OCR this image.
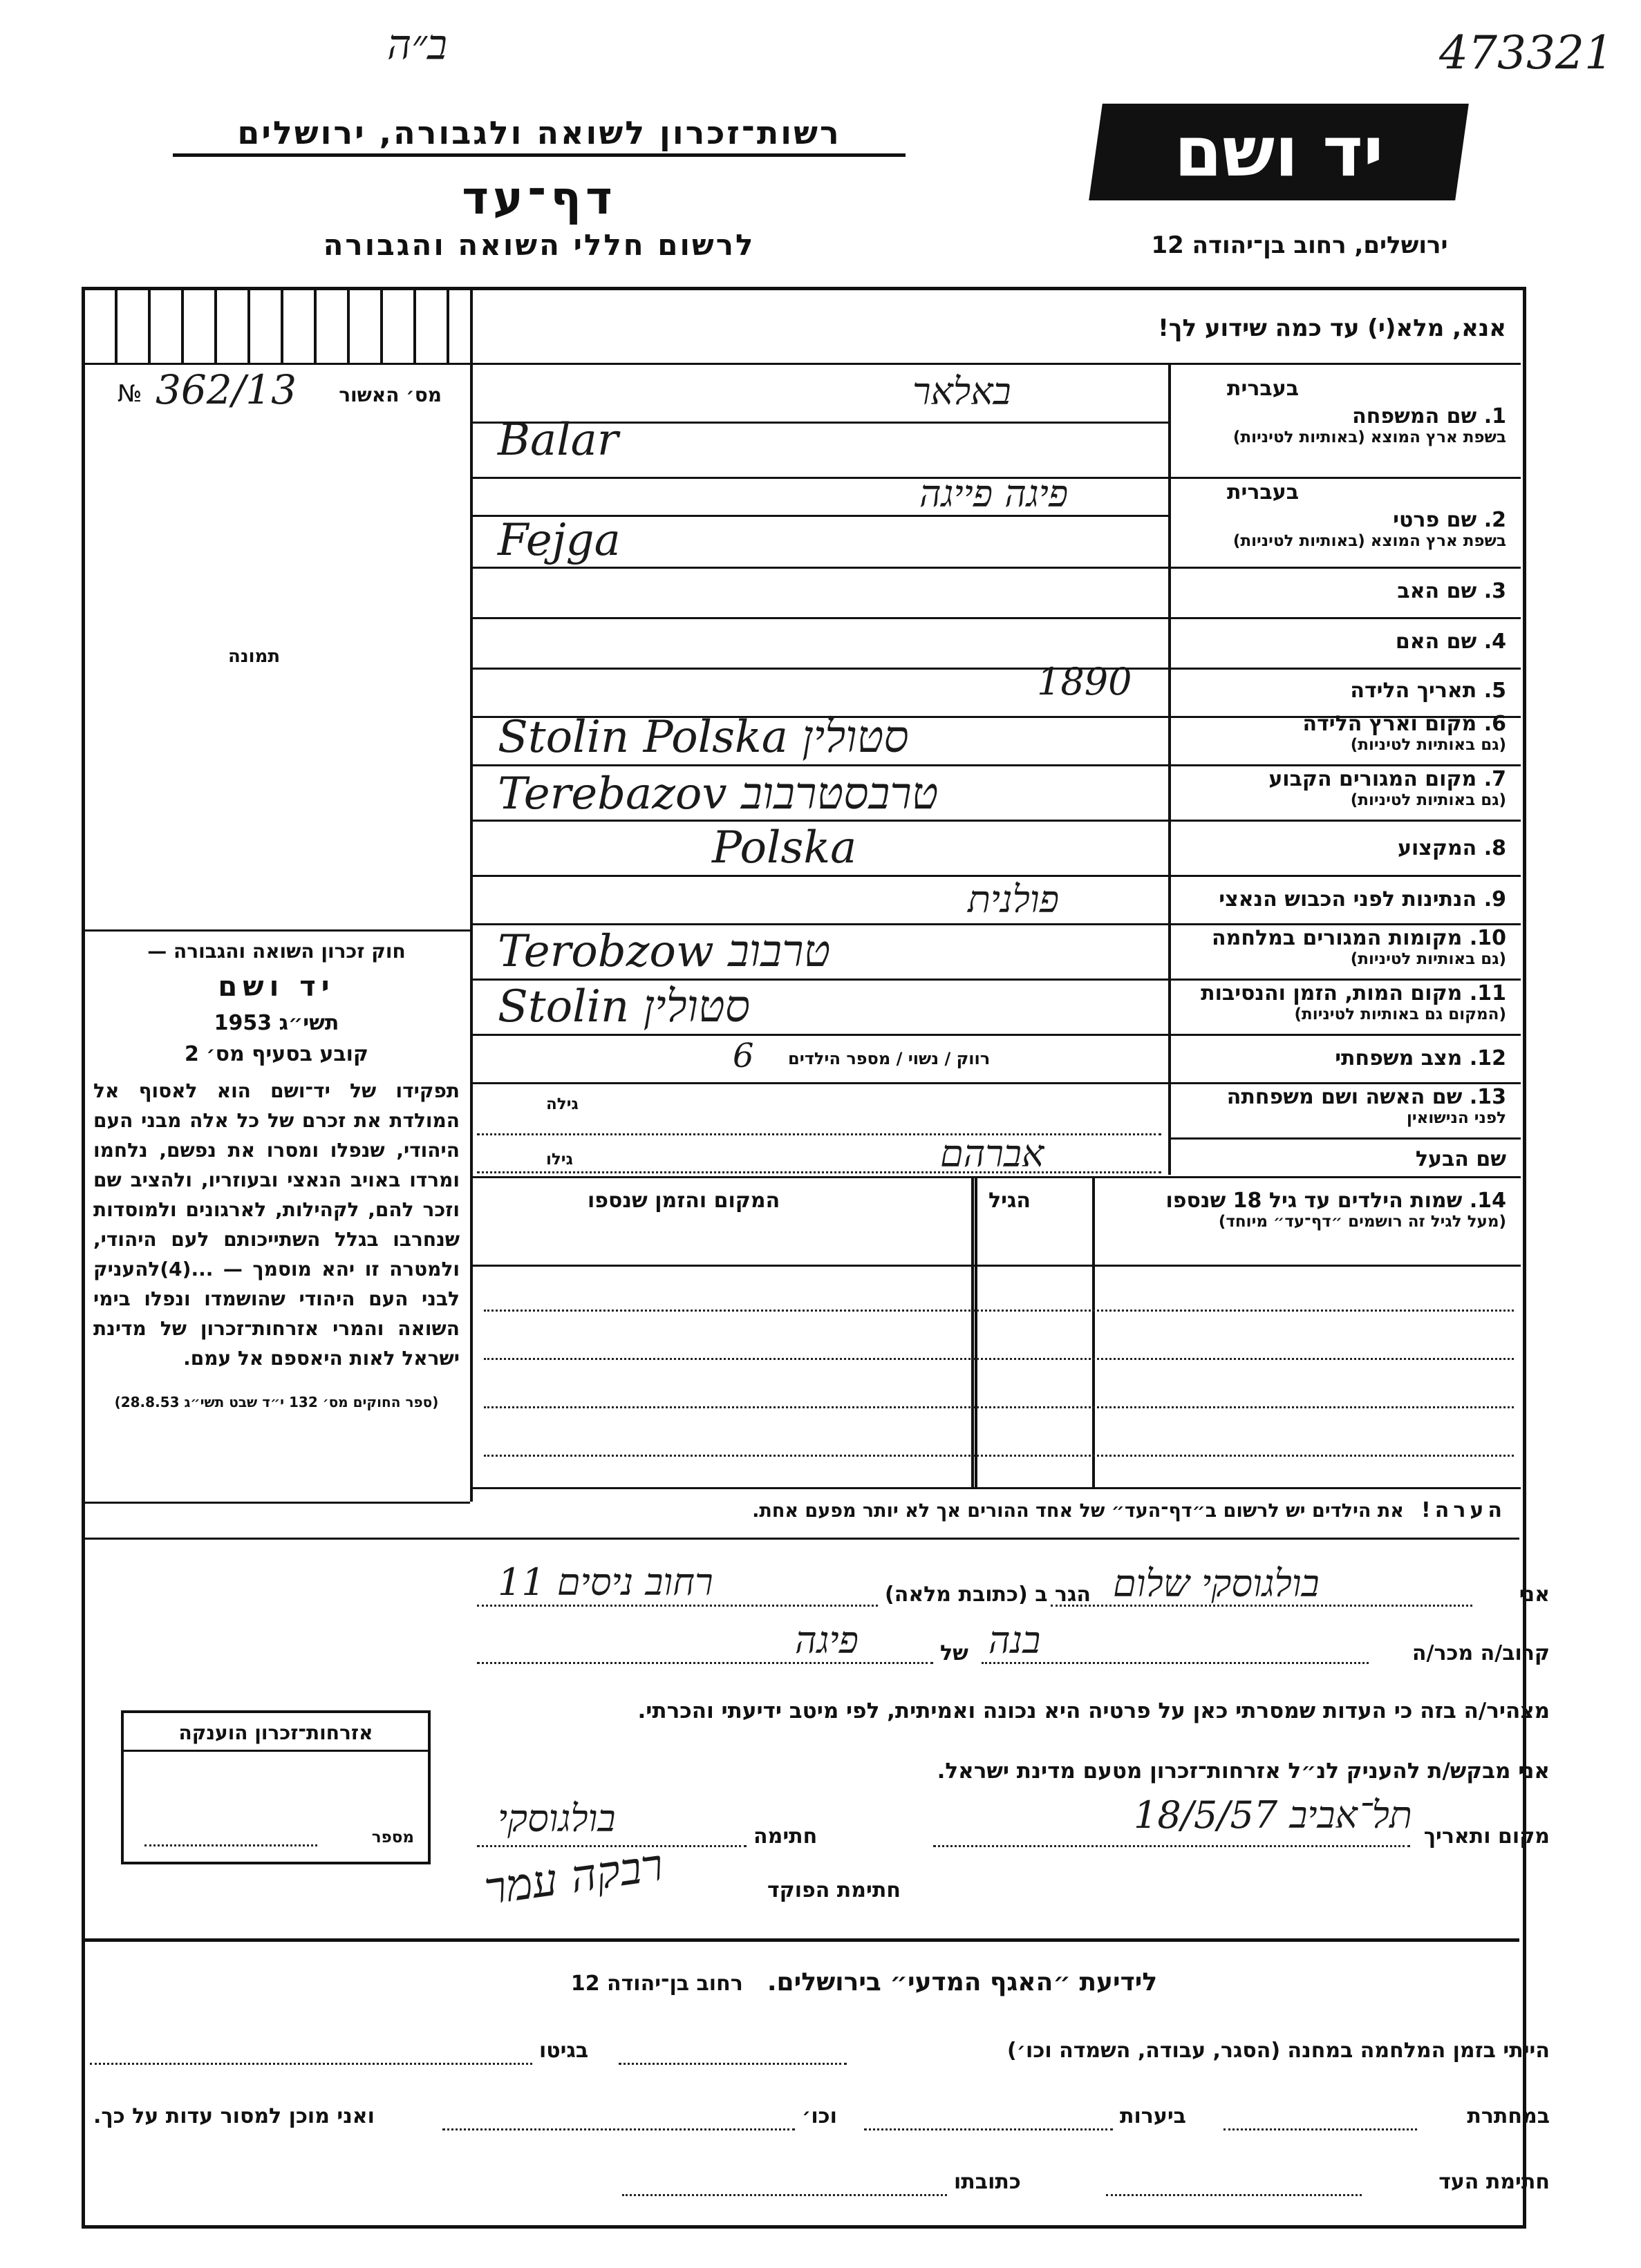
473321
ב״ה
רשות־זכרון לשואה ולגבורה, ירושלים
דף־עד
לרשום חללי השואה והגבורה
יד ושם
ירושלים, רחוב בן־יהודה 12
אנא, מלא(י) עד כמה שידוע לך!
מס׳ האשור
№ 362/13
תמונה
בעברית
1. שם המשפחה
בשפת ארץ המוצא (באותיות לטיניות)
בעברית
2. שם פרטי
בשפת ארץ המוצא (באותיות לטיניות)
3. שם האב
4. שם האם
5. תאריך הלידה
6. מקום וארץ הלידה
(גם באותיות לטיניות)
7. מקום המגורים הקבוע
(גם באותיות לטיניות)
8. המקצוע
9. הנתינות לפני הכבוש הנאצי
10. מקומות המגורים במלחמה
(גם באותיות לטיניות)
11. מקום המות, הזמן והנסיבות
(המקום גם באותיות לטיניות)
12. מצב משפחתי
13. שם האשה ושם משפחתה
לפני הנישואין
שם הבעל
באלאר
Balar
פיגה פייגה
Fejga
1890
Stolin Polska סטולין
Terebazov טרבסטרבוב
Polska
פולנית
Terobzow טרבוב
Stolin סטולין
רווק / נשוי / מספר הילדים
6
גילה
גילו	אברהם
14. שמות הילדים עד גיל 18 שנספו
(מעל לגיל זה רושמים ״דף־עד״ מיוחד)
הגיל
המקום והזמן שנספו
הערה! את הילדים יש לרשום ב״דף־העד״ של אחד ההורים אך לא יותר מפעם אחת.

חוק זכרון השואה והגבורה —

יד ושם

תשי״ג 1953

קובע בסעיף מס׳ 2

תפקידו של יד־ושם הוא לאסוף אל המולדת את זכרם של כל אלה מבני העם היהודי, שנפלו ומסרו את נפשם, נלחמו ומרדו באויב הנאצי ובעוזריו, ולהציב שם וזכר להם, לקהילות, לארגונים ולמוסדות שנחרבו בגלל השתייכותם לעם היהודי, ולמטרה זו יהא מוסמך — ...(4)להעניק לבני העם היהודי שהושמדו ונפלו בימי השואה והמרי אזרחות־זכרון של מדינת ישראל לאות היאספם אל עמם.

(ספר החוקים מס׳ 132 י״ד שבט תשי״ג 28.8.53)

אזרחות־זכרון הוענקה
מספר
אני
בולגוסקי שלום
הגר ב (כתובת מלאה)
רחוב ניסים 11
קרוב/ה מכר/ה
בנה
של
פיגה
מצהיר/ה בזה כי העדות שמסרתי כאן על פרטיה היא נכונה ואמיתית, לפי מיטב ידיעתי והכרתי.
אני מבקש/ת להעניק לנ״ל אזרחות־זכרון מטעם מדינת ישראל.
מקום ותאריך
תל־אביב 18/5/57
חתימה
בולגוסקי
חתימת הפוקד
רבקה עמר
לידיעת ״האגף המדעי״ בירושלים. רחוב בן־יהודה 12
הייתי בזמן המלחמה במחנה (הסגר, עבודה, השמדה וכו׳)
בגיטו
במחתרת
ביערות
וכו׳
ואני מוכן למסור עדות על כך.
חתימת העד
כתובתו
